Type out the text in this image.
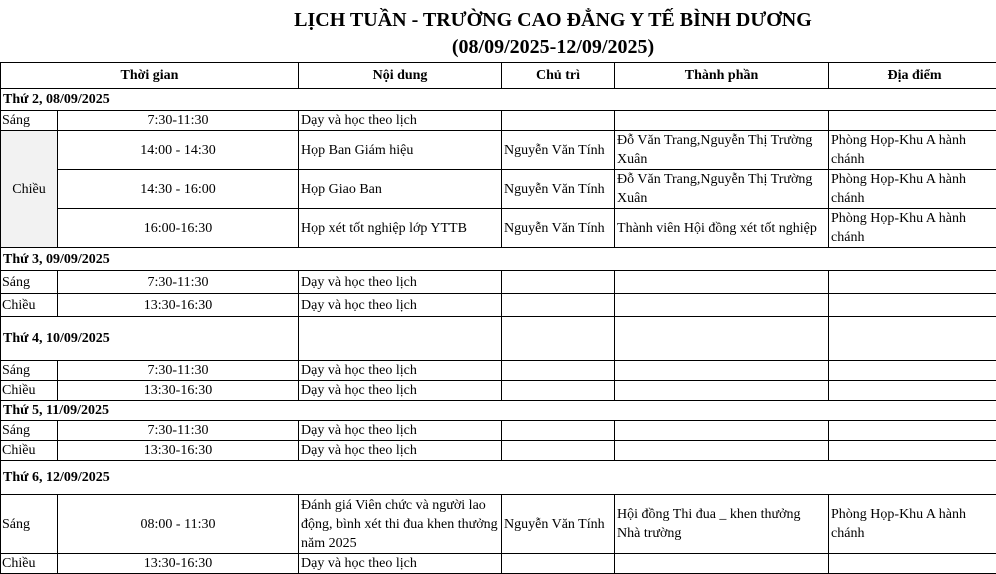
LỊCH TUẦN - TRƯỜNG CAO ĐẲNG Y TẾ BÌNH DƯƠNG
(08/09/2025-12/09/2025)
Thời gian		Nội dung	Chủ trì	Thành phần	Địa điểm
Thứ 2, 08/09/2025					
Sáng	7:30-11:30	Dạy và học theo lịch			
Chiều	14:00 - 14:30	Họp Ban Giám hiệu	Nguyễn Văn Tính	Đỗ Văn Trang,Nguyễn Thị Trường Xuân	Phòng Họp-Khu A hành chánh
	14:30 - 16:00	Họp Giao Ban	Nguyễn Văn Tính	Đỗ Văn Trang,Nguyễn Thị Trường Xuân	Phòng Họp-Khu A hành chánh
	16:00-16:30	Họp xét tốt nghiệp lớp YTTB	Nguyễn Văn Tính	Thành viên Hội đồng xét tốt nghiệp	Phòng Họp-Khu A hành chánh
Thứ 3, 09/09/2025					
Sáng	7:30-11:30	Dạy và học theo lịch			
Chiều	13:30-16:30	Dạy và học theo lịch			
Thứ 4, 10/09/2025					
Sáng	7:30-11:30	Dạy và học theo lịch			
Chiều	13:30-16:30	Dạy và học theo lịch			
Thứ 5, 11/09/2025					
Sáng	7:30-11:30	Dạy và học theo lịch			
Chiều	13:30-16:30	Dạy và học theo lịch			
Thứ 6, 12/09/2025					
Sáng	08:00 - 11:30	Đánh giá Viên chức và người lao động, bình xét thi đua khen thưởng năm 2025	Nguyễn Văn Tính	Hội đồng Thi đua _ khen thưởng Nhà trường	Phòng Họp-Khu A hành chánh
Chiều	13:30-16:30	Dạy và học theo lịch			
